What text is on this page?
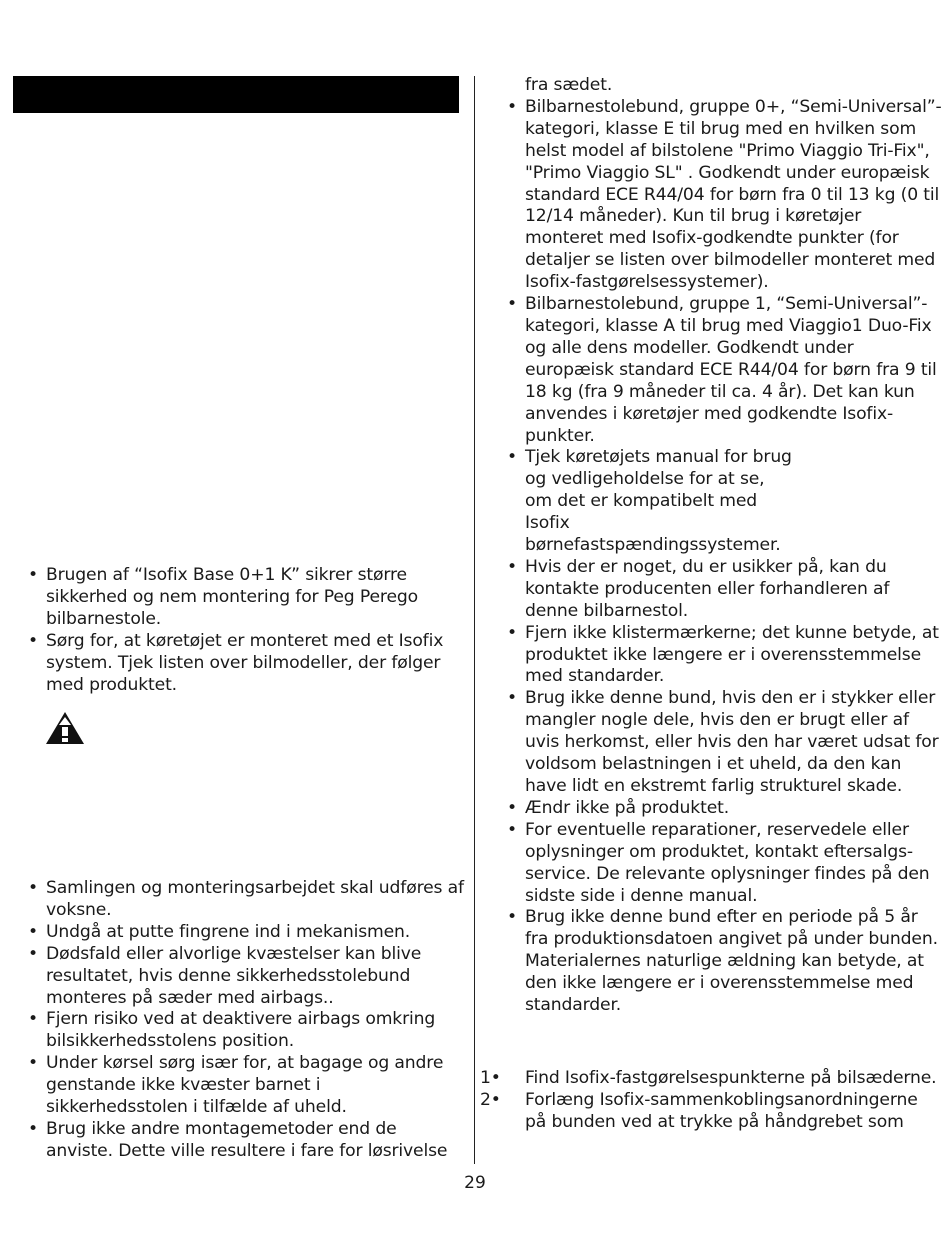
• Brugen af “Isofix Base 0+1 K” sikrer større sikkerhed og nem montering for Peg Perego bilbarnestole.
• Sørg for, at køretøjet er monteret med et Isofix system. Tjek listen over bilmodeller, der følger med produktet.
• Samlingen og monteringsarbejdet skal udføres af voksne.
• Undgå at putte fingrene ind i mekanismen.
• Dødsfald eller alvorlige kvæstelser kan blive resultatet, hvis denne sikkerhedsstolebund monteres på sæder med airbags..
• Fjern risiko ved at deaktivere airbags omkring bilsikkerhedsstolens position.
• Under kørsel sørg især for, at bagage og andre genstande ikke kvæster barnet i sikkerhedsstolen i tilfælde af uheld.
• Brug ikke andre montagemetoder end de anviste. Dette ville resultere i fare for løsrivelse
fra sædet.
• Bilbarnestolebund, gruppe 0+, “Semi-Universal”-kategori, klasse E til brug med en hvilken som helst model af bilstolene "Primo Viaggio Tri-Fix", "Primo Viaggio SL" . Godkendt under europæisk standard ECE R44/04 for børn fra 0 til 13 kg (0 til 12/14 måneder). Kun til brug i køretøjer monteret med Isofix-godkendte punkter (for detaljer se listen over bilmodeller monteret med Isofix-fastgørelsessystemer).
• Bilbarnestolebund, gruppe 1, “Semi-Universal”-kategori, klasse A til brug med Viaggio1 Duo-Fix og alle dens modeller. Godkendt under europæisk standard ECE R44/04 for børn fra 9 til 18 kg (fra 9 måneder til ca. 4 år). Det kan kun anvendes i køretøjer med godkendte Isofix-punkter.
• Tjek køretøjets manual for brug og vedligeholdelse for at se, om det er kompatibelt med Isofix børnefastspændingssystemer.
• Hvis der er noget, du er usikker på, kan du kontakte producenten eller forhandleren af denne bilbarnestol.
• Fjern ikke klistermærkerne; det kunne betyde, at produktet ikke længere er i overensstemmelse med standarder.
• Brug ikke denne bund, hvis den er i stykker eller mangler nogle dele, hvis den er brugt eller af uvis herkomst, eller hvis den har været udsat for voldsom belastningen i et uheld, da den kan have lidt en ekstremt farlig strukturel skade.
• Ændr ikke på produktet.
• For eventuelle reparationer, reservedele eller oplysninger om produktet, kontakt eftersalgs-service. De relevante oplysninger findes på den sidste side i denne manual.
• Brug ikke denne bund efter en periode på 5 år fra produktionsdatoen angivet på under bunden. Materialernes naturlige ældning kan betyde, at den ikke længere er i overensstemmelse med standarder.
1•	Find Isofix-fastgørelsespunkterne på bilsæderne.
2•	Forlæng Isofix-sammenkoblingsanordningerne på bunden ved at trykke på håndgrebet som
29
